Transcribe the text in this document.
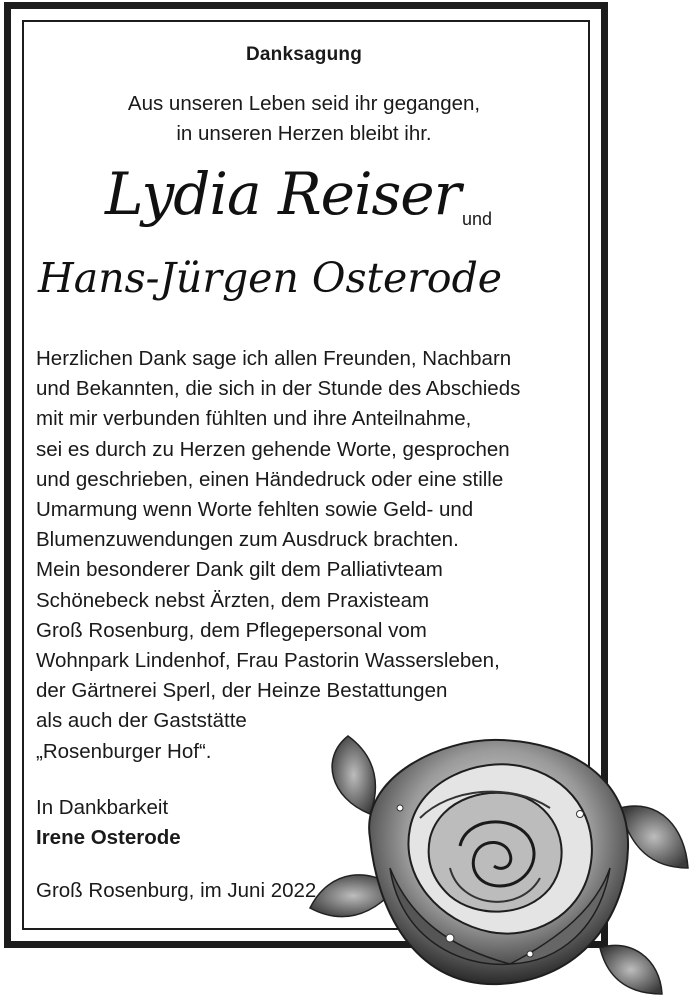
Danksagung
Aus unseren Leben seid ihr gegangen,
in unseren Herzen bleibt ihr.
Lydia Reiser und
Hans-Jürgen Osterode
Herzlichen Dank sage ich allen Freunden, Nachbarn
und Bekannten, die sich in der Stunde des Abschieds
mit mir verbunden fühlten und ihre Anteilnahme,
sei es durch zu Herzen gehende Worte, gesprochen
und geschrieben, einen Händedruck oder eine stille
Umarmung wenn Worte fehlten sowie Geld- und
Blumenzuwendungen zum Ausdruck brachten.
Mein besonderer Dank gilt dem Palliativteam
Schönebeck nebst Ärzten, dem Praxisteam
Groß Rosenburg, dem Pflegepersonal vom
Wohnpark Lindenhof, Frau Pastorin Wassersleben,
der Gärtnerei Sperl, der Heinze Bestattungen
als auch der Gaststätte
„Rosenburger Hof“.
In Dankbarkeit
Irene Osterode
Groß Rosenburg, im Juni 2022
